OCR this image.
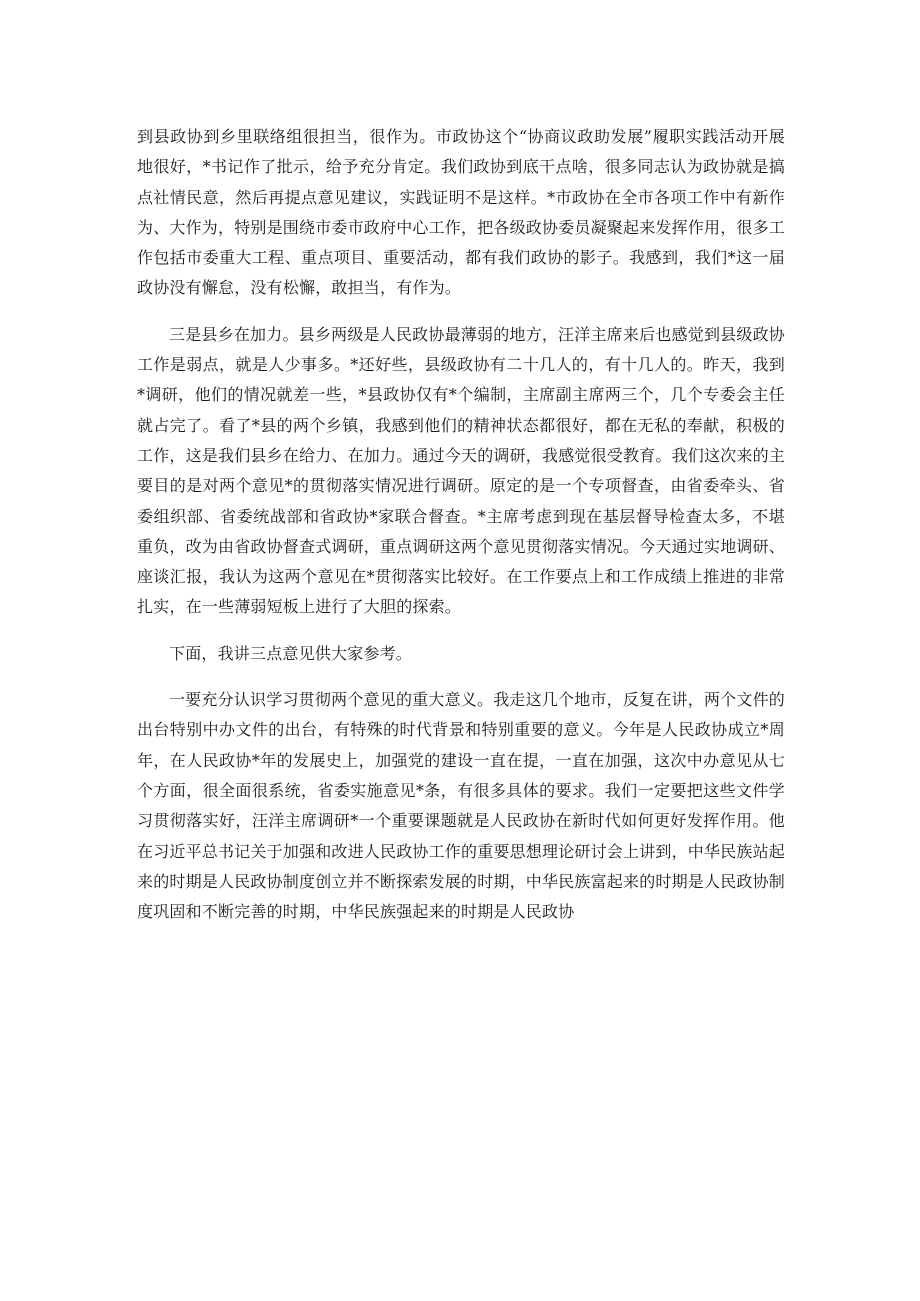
到县政协到乡里联络组很担当，很作为。市政协这个“协商议政助发展”履职实践活动开展地很好，*书记作了批示，给予充分肯定。我们政协到底干点啥，很多同志认为政协就是搞点社情民意，然后再提点意见建议，实践证明不是这样。*市政协在全市各项工作中有新作为、大作为，特别是围绕市委市政府中心工作，把各级政协委员凝聚起来发挥作用，很多工作包括市委重大工程、重点项目、重要活动，都有我们政协的影子。我感到，我们*这一届政协没有懈怠，没有松懈，敢担当，有作为。

三是县乡在加力。县乡两级是人民政协最薄弱的地方，汪洋主席来后也感觉到县级政协工作是弱点，就是人少事多。*还好些，县级政协有二十几人的，有十几人的。昨天，我到*调研，他们的情况就差一些，*县政协仅有*个编制，主席副主席两三个，几个专委会主任就占完了。看了*县的两个乡镇，我感到他们的精神状态都很好，都在无私的奉献，积极的工作，这是我们县乡在给力、在加力。通过今天的调研，我感觉很受教育。我们这次来的主要目的是对两个意见*的贯彻落实情况进行调研。原定的是一个专项督查，由省委牵头、省委组织部、省委统战部和省政协*家联合督查。*主席考虑到现在基层督导检查太多，不堪重负，改为由省政协督查式调研，重点调研这两个意见贯彻落实情况。今天通过实地调研、座谈汇报，我认为这两个意见在*贯彻落实比较好。在工作要点上和工作成绩上推进的非常扎实，在一些薄弱短板上进行了大胆的探索。

下面，我讲三点意见供大家参考。

一要充分认识学习贯彻两个意见的重大意义。我走这几个地市，反复在讲，两个文件的出台特别中办文件的出台，有特殊的时代背景和特别重要的意义。今年是人民政协成立*周年，在人民政协*年的发展史上，加强党的建设一直在提，一直在加强，这次中办意见从七个方面，很全面很系统，省委实施意见*条，有很多具体的要求。我们一定要把这些文件学习贯彻落实好，汪洋主席调研*一个重要课题就是人民政协在新时代如何更好发挥作用。他在习近平总书记关于加强和改进人民政协工作的重要思想理论研讨会上讲到，中华民族站起来的时期是人民政协制度创立并不断探索发展的时期，中华民族富起来的时期是人民政协制度巩固和不断完善的时期，中华民族强起来的时期是人民政协
